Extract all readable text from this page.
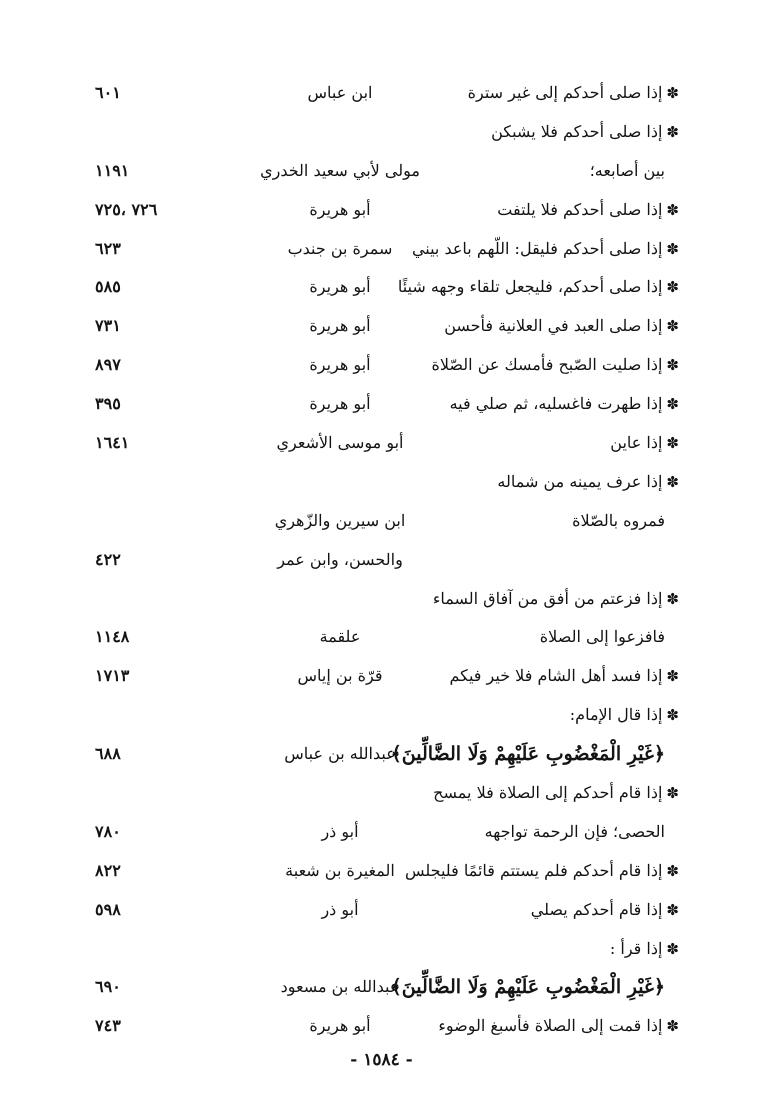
✽إذا صلى أحدكم إلى غير سترة
ابن عباس
٦٠١
✽إذا صلى أحدكم فلا يشبكن
بين أصابعه؛
مولى لأبي سعيد الخدري
١١٩١
✽إذا صلى أحدكم فلا يلتفت
أبو هريرة
٧٢٦ ،٧٢٥
✽إذا صلى أحدكم فليقل: اللّهم باعد بيني
سمرة بن جندب
٦٢٣
✽إذا صلى أحدكم، فليجعل تلقاء وجهه شيئًا
أبو هريرة
٥٨٥
✽إذا صلى العبد في العلانية فأحسن
أبو هريرة
٧٣١
✽إذا صليت الصّبح فأمسك عن الصّلاة
أبو هريرة
٨٩٧
✽إذا طهرت فاغسليه، ثم صلي فيه
أبو هريرة
٣٩٥
✽إذا عاين
أبو موسى الأشعري
١٦٤١
✽إذا عرف يمينه من شماله
فمروه بالصّلاة
ابن سيرين والزّهري
والحسن، وابن عمر
٤٢٢
✽إذا فزعتم من أفق من آفاق السماء
فافزعوا إلى الصلاة
علقمة
١١٤٨
✽إذا فسد أهل الشام فلا خير فيكم
قرّة بن إياس
١٧١٣
✽إذا قال الإمام:
﴿غَيْرِ الْمَغْضُوبِ عَلَيْهِمْ وَلَا الضَّالِّينَ﴾
عبدالله بن عباس
٦٨٨
✽إذا قام أحدكم إلى الصلاة فلا يمسح
الحصى؛ فإن الرحمة تواجهه
أبو ذر
٧٨٠
✽إذا قام أحدكم فلم يستتم قائمًا فليجلس
المغيرة بن شعبة
٨٢٢
✽إذا قام أحدكم يصلي
أبو ذر
٥٩٨
✽إذا قرأ :
﴿غَيْرِ الْمَغْضُوبِ عَلَيْهِمْ وَلَا الضَّالِّينَ﴾
عبدالله بن مسعود
٦٩٠
✽إذا قمت إلى الصلاة فأسبغ الوضوء
أبو هريرة
٧٤٣
- ١٥٨٤ -
